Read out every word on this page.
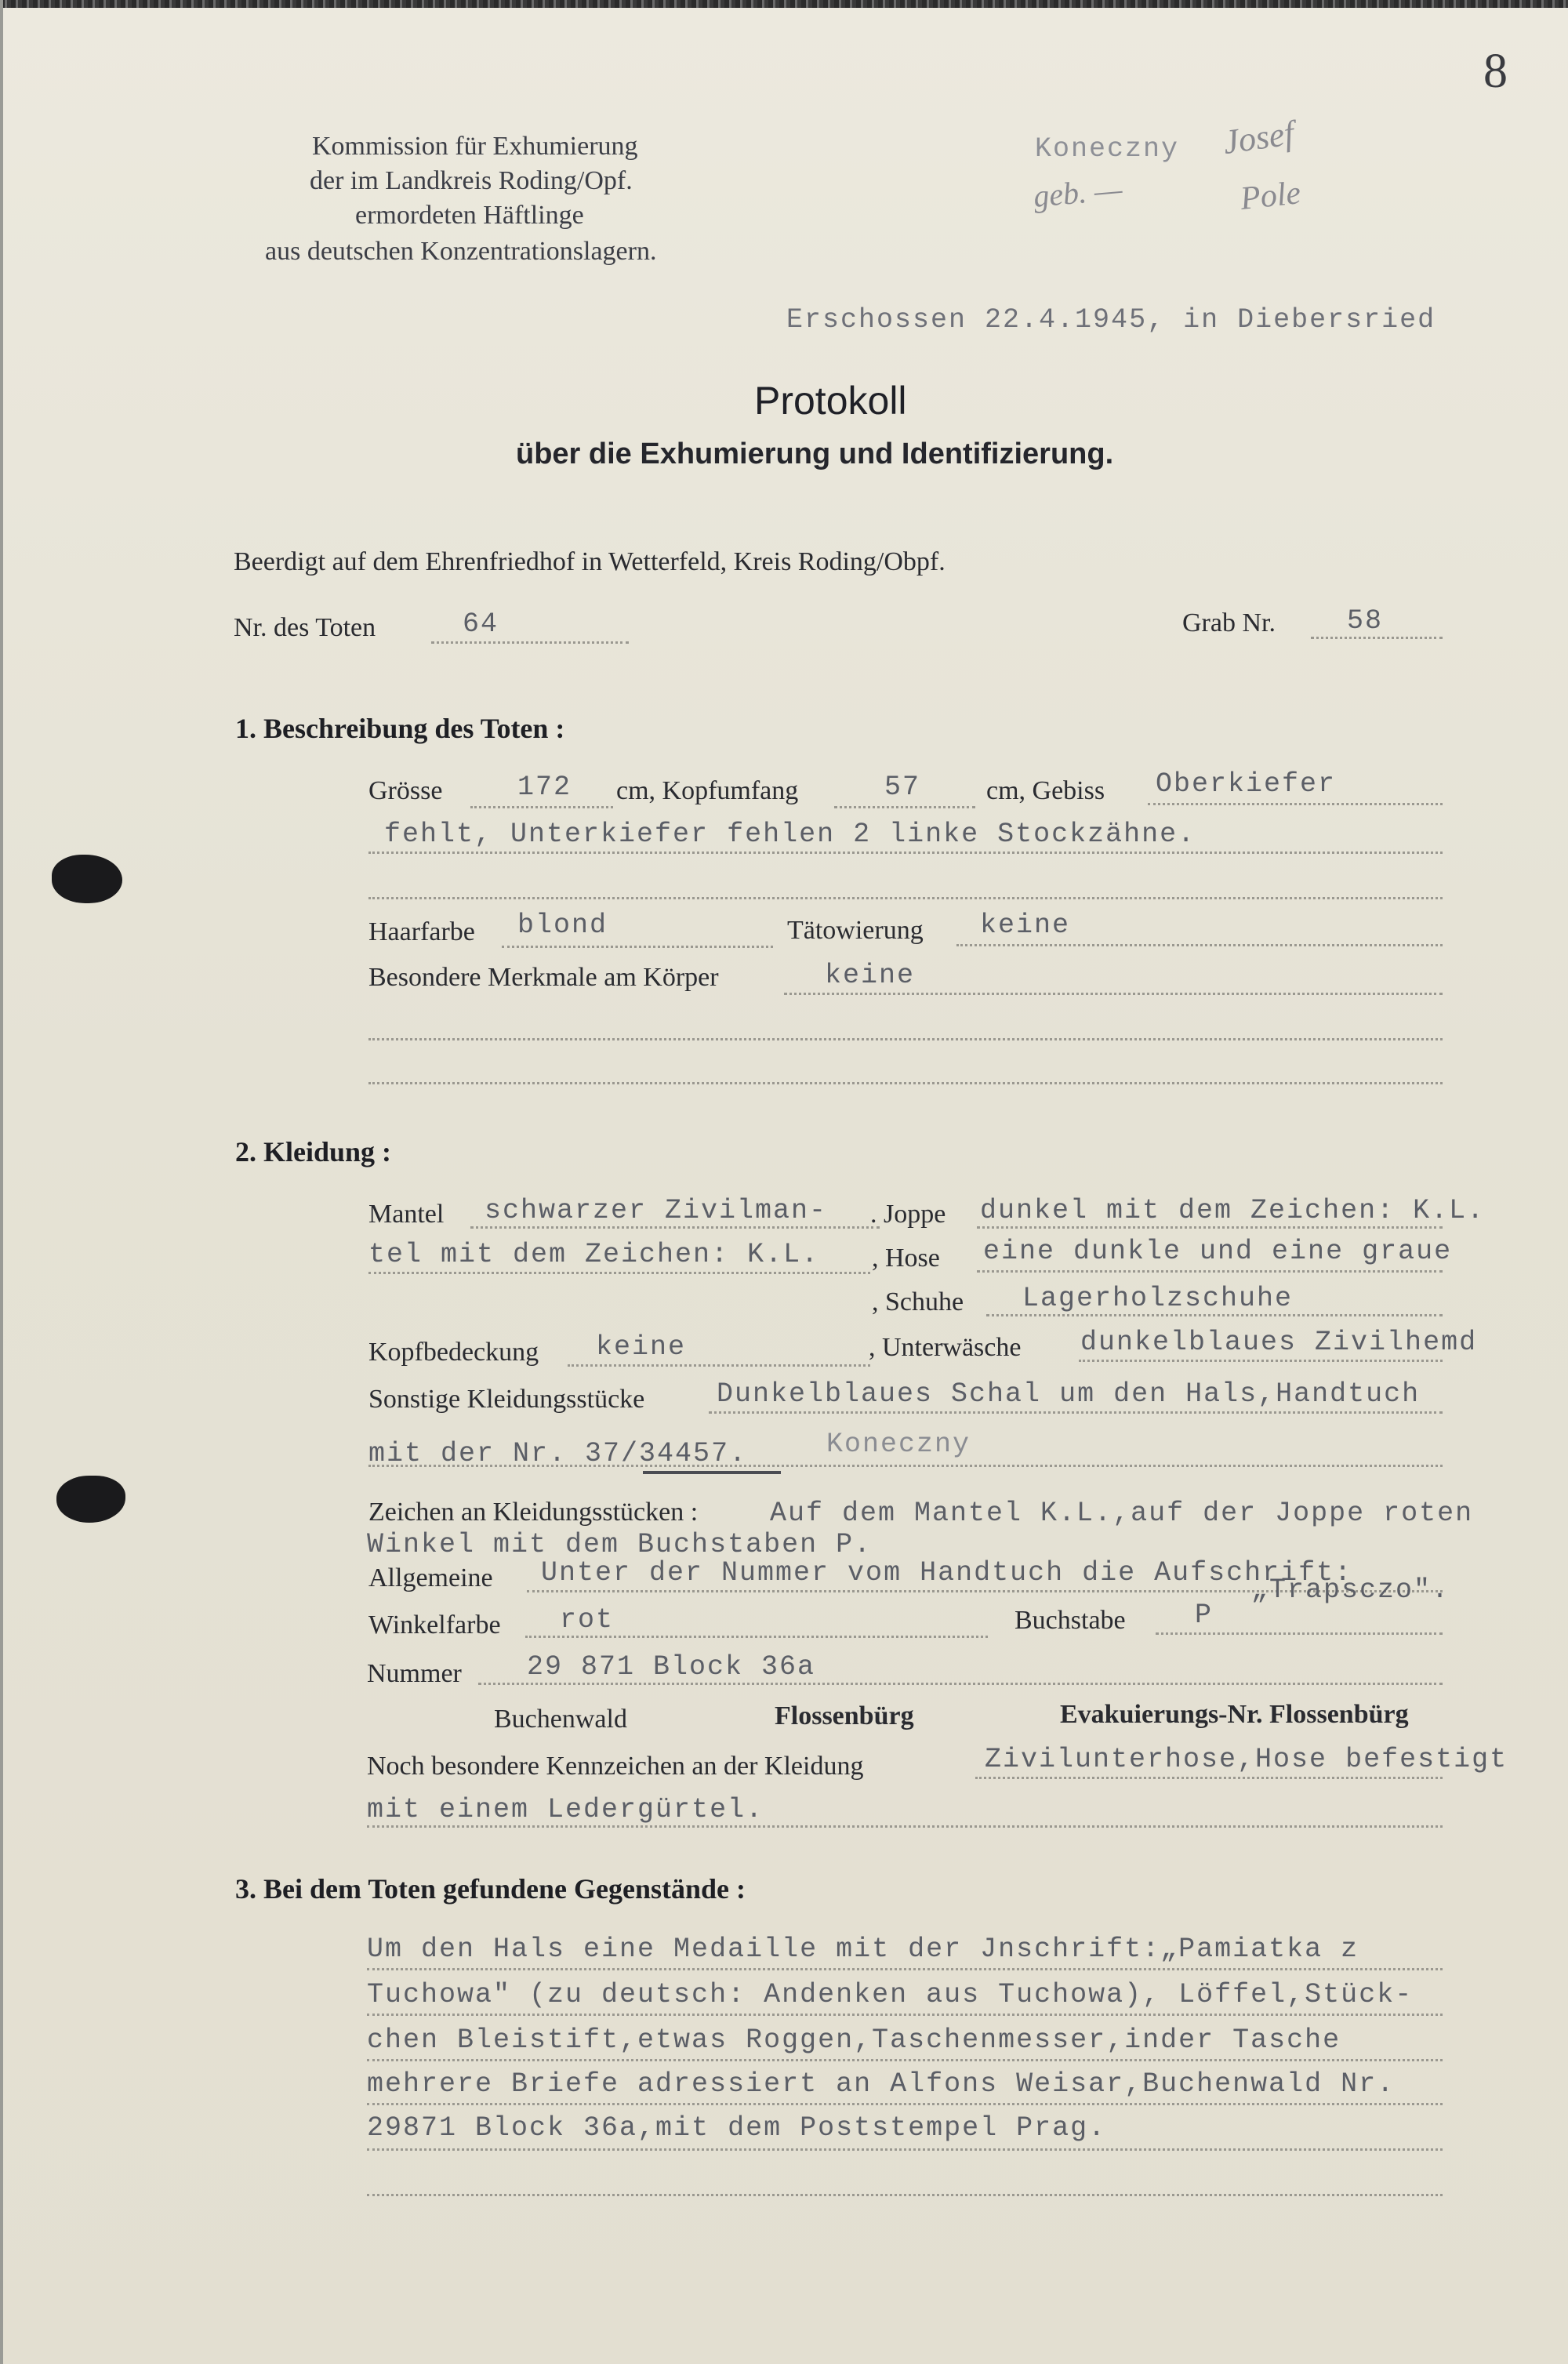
8
Kommission für Exhumierung
der im Landkreis Roding/Opf.
ermordeten Häftlinge
aus deutschen Konzentrationslagern.
Koneczny Josef
geb. —	Pole
Erschossen 22.4.1945, in Diebersried
Protokoll
über die Exhumierung und Identifizierung.
Beerdigt auf dem Ehrenfriedhof in Wetterfeld, Kreis Roding/Obpf.
Nr. des Toten	64	Grab Nr.	58
1. Beschreibung des Toten :
Grösse	172 cm, Kopfumfang	57 cm, Gebiss Oberkiefer
fehlt, Unterkiefer fehlen 2 linke Stockzähne.
Haarfarbe blond	Tätowierung keine
Besondere Merkmale am Körper	keine
2. Kleidung :
Mantel schwarzer Zivilman- . Joppe dunkel mit dem Zeichen: K.L.
tel mit dem Zeichen: K.L. , Hose eine dunkle und eine graue
, Schuhe Lagerholzschuhe
Kopfbedeckung keine	, Unterwäsche dunkelblaues Zivilhemd
Sonstige Kleidungsstücke	Dunkelblaues Schal um den Hals,Handtuch
mit der Nr. 37/34457.	Koneczny
Zeichen an Kleidungsstücken :	Auf dem Mantel K.L.,auf der Joppe roten
Winkel mit dem Buchstaben P.
Allgemeine Unter der Nummer vom Handtuch die Aufschrift:
„Trapsczo".
Winkelfarbe rot	Buchstabe	P
Nummer 29 871 Block 36a
Buchenwald	Flossenbürg	Evakuierungs-Nr. Flossenbürg
Noch besondere Kennzeichen an der Kleidung	Zivilunterhose,Hose befestigt
mit einem Ledergürtel.
3. Bei dem Toten gefundene Gegenstände :
Um den Hals eine Medaille mit der Jnschrift:„Pamiatka z
Tuchowa" (zu deutsch: Andenken aus Tuchowa), Löffel,Stück-
chen Bleistift,etwas Roggen,Taschenmesser,inder Tasche
mehrere Briefe adressiert an Alfons Weisar,Buchenwald Nr.
29871 Block 36a,mit dem Poststempel Prag.
